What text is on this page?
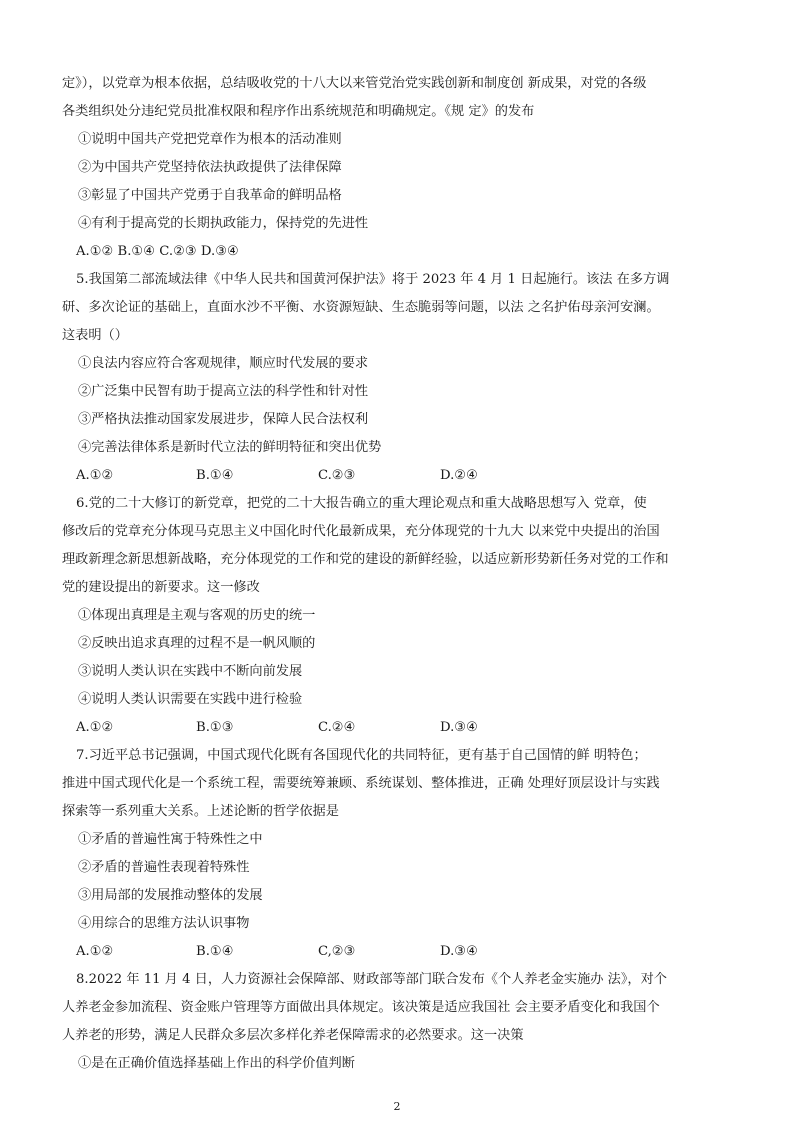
定》），以党章为根本依据，总结吸收党的十八大以来管党治党实践创新和制度创 新成果，对党的各级
各类组织处分违纪党员批准权限和程序作出系统规范和明确规定。《规 定》的发布
①说明中国共产党把党章作为根本的活动准则
②为中国共产党坚持依法执政提供了法律保障
③彰显了中国共产党勇于自我革命的鲜明品格
④有利于提高党的长期执政能力，保持党的先进性
A.①② B.①④ C.②③ D.③④
5.我国第二部流域法律《中华人民共和国黄河保护法》将于 2023 年 4 月 1 日起施行。该法 在多方调
研、多次论证的基础上，直面水沙不平衡、水资源短缺、生态脆弱等问题，以法 之名护佑母亲河安澜。
这表明（）
①良法内容应符合客观规律，顺应时代发展的要求
②广泛集中民智有助于提高立法的科学性和针对性
③严格执法推动国家发展进步，保障人民合法权利
④完善法律体系是新时代立法的鲜明特征和突出优势
A.①②	B.①④	C.②③	D.②④
6.党的二十大修订的新党章，把党的二十大报告确立的重大理论观点和重大战略思想写入 党章，使
修改后的党章充分体现马克思主义中国化时代化最新成果，充分体现党的十九大 以来党中央提出的治国
理政新理念新思想新战略，充分体现党的工作和党的建设的新鲜经验，以适应新形势新任务对党的工作和
党的建设提出的新要求。这一修改
①体现出真理是主观与客观的历史的统一
②反映出追求真理的过程不是一帆风顺的
③说明人类认识在实践中不断向前发展
④说明人类认识需要在实践中进行检验
A.①②	B.①③	C.②④	D.③④
7.习近平总书记强调，中国式现代化既有各国现代化的共同特征，更有基于自己国情的鲜 明特色；
推进中国式现代化是一个系统工程，需要统筹兼顾、系统谋划、整体推进，正确 处理好顶层设计与实践
探索等一系列重大关系。上述论断的哲学依据是
①矛盾的普遍性寓于特殊性之中
②矛盾的普遍性表现着特殊性
③用局部的发展推动整体的发展
④用综合的思维方法认识事物
A.①②	B.①④	C,②③	D.③④
8.2022 年 11 月 4 日，人力资源社会保障部、财政部等部门联合发布《个人养老金实施办 法》，对个
人养老金参加流程、资金账户管理等方面做出具体规定。该决策是适应我国社 会主要矛盾变化和我国个
人养老的形势，满足人民群众多层次多样化养老保障需求的必然要求。这一决策
①是在正确价值选择基础上作出的科学价值判断
2
